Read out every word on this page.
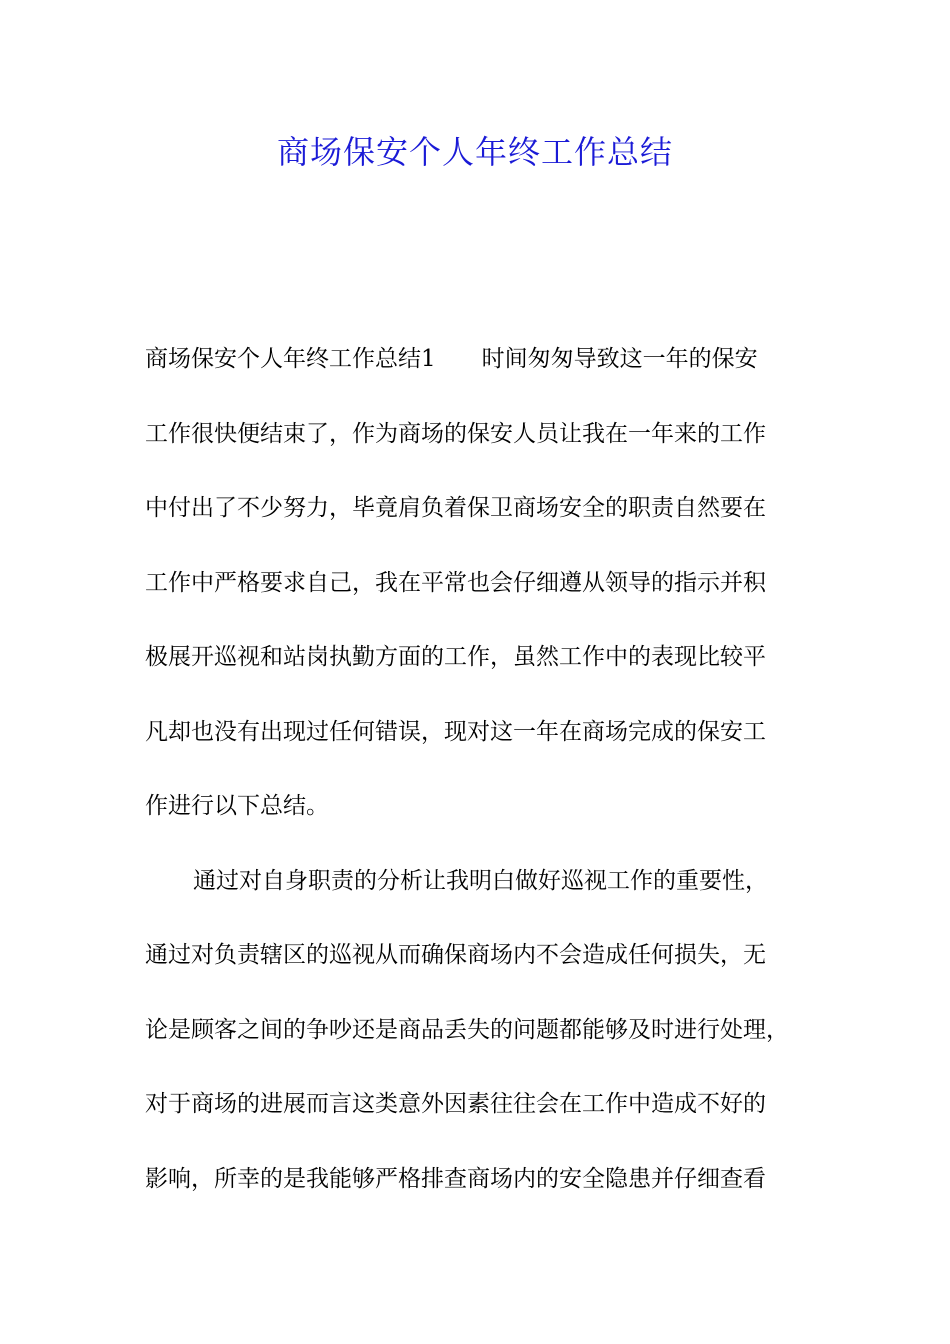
商场保安个人年终工作总结

商场保安个人年终工作总结1　　时间匆匆导致这一年的保安

工作很快便结束了，作为商场的保安人员让我在一年来的工作

中付出了不少努力，毕竟肩负着保卫商场安全的职责自然要在

工作中严格要求自己，我在平常也会仔细遵从领导的指示并积

极展开巡视和站岗执勤方面的工作，虽然工作中的表现比较平

凡却也没有出现过任何错误，现对这一年在商场完成的保安工

作进行以下总结。

通过对自身职责的分析让我明白做好巡视工作的重要性，

通过对负责辖区的巡视从而确保商场内不会造成任何损失，无

论是顾客之间的争吵还是商品丢失的问题都能够及时进行处理，

对于商场的进展而言这类意外因素往往会在工作中造成不好的

影响，所幸的是我能够严格排查商场内的安全隐患并仔细查看
